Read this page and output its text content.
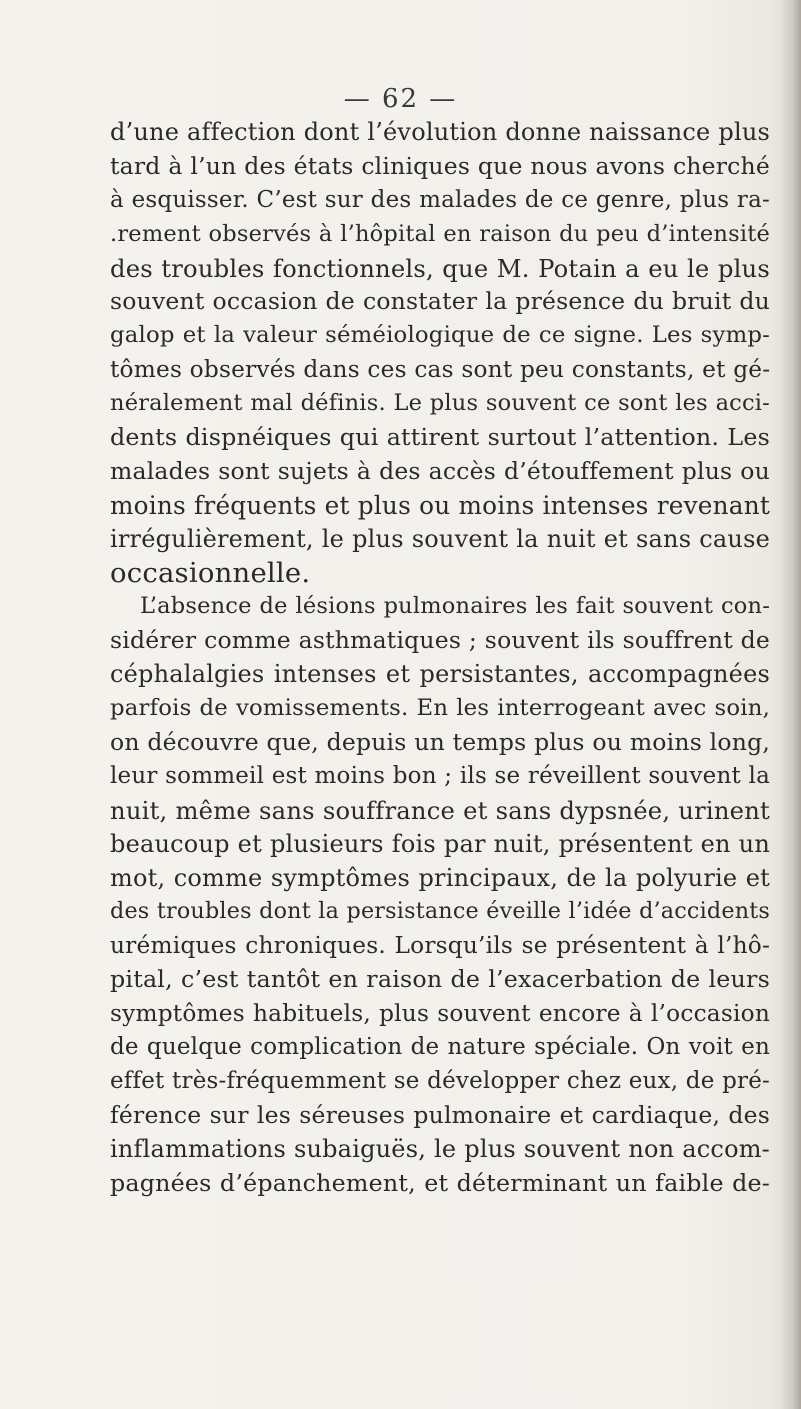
— 62 —
d’une affection dont l’évolution donne naissance plus
tard à l’un des états cliniques que nous avons cherché
à esquisser. C’est sur des malades de ce genre, plus ra-
.rement observés à l’hôpital en raison du peu d’intensité
des troubles fonctionnels, que M. Potain a eu le plus
souvent occasion de constater la présence du bruit du
galop et la valeur séméiologique de ce signe. Les symp-
tômes observés dans ces cas sont peu constants, et gé-
néralement mal définis. Le plus souvent ce sont les acci-
dents dispnéiques qui attirent surtout l’attention. Les
malades sont sujets à des accès d’étouffement plus ou
moins fréquents et plus ou moins intenses revenant
irrégulièrement, le plus souvent la nuit et sans cause
occasionnelle.
L’absence de lésions pulmonaires les fait souvent con-
sidérer comme asthmatiques ; souvent ils souffrent de
céphalalgies intenses et persistantes, accompagnées
parfois de vomissements. En les interrogeant avec soin,
on découvre que, depuis un temps plus ou moins long,
leur sommeil est moins bon ; ils se réveillent souvent la
nuit, même sans souffrance et sans dypsnée, urinent
beaucoup et plusieurs fois par nuit, présentent en un
mot, comme symptômes principaux, de la polyurie et
des troubles dont la persistance éveille l’idée d’accidents
urémiques chroniques. Lorsqu’ils se présentent à l’hô-
pital, c’est tantôt en raison de l’exacerbation de leurs
symptômes habituels, plus souvent encore à l’occasion
de quelque complication de nature spéciale. On voit en
effet très-fréquemment se développer chez eux, de pré-
férence sur les séreuses pulmonaire et cardiaque, des
inflammations subaiguës, le plus souvent non accom-
pagnées d’épanchement, et déterminant un faible de-
